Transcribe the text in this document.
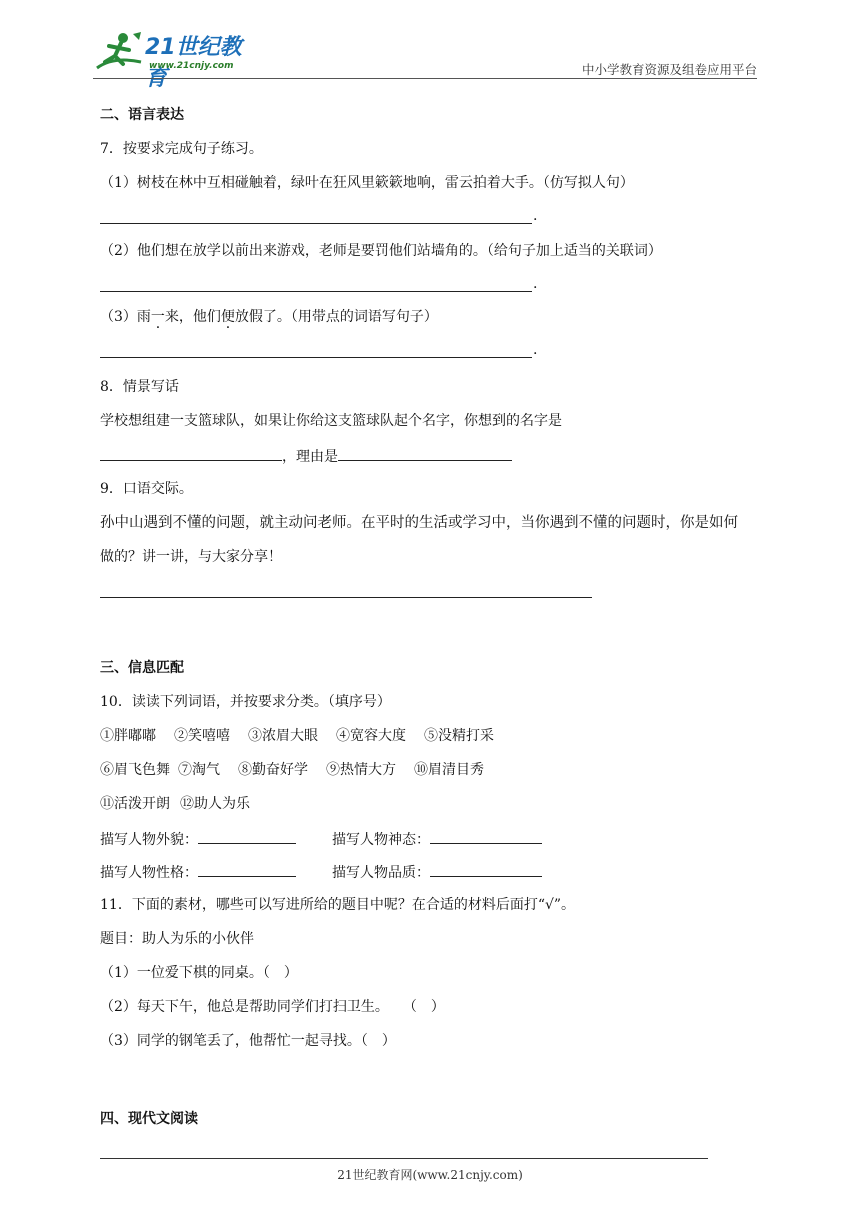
21世纪教育
www.21cnjy.com	中小学教育资源及组卷应用平台
二、语言表达
7．按要求完成句子练习。
（1）树枝在林中互相碰触着，绿叶在狂风里簌簌地响，雷云拍着大手。（仿写拟人句）
.
（2）他们想在放学以前出来游戏，老师是要罚他们站墙角的。（给句子加上适当的关联词）
.
（3）雨一来，他们便放假了。（用带点的词语写句子）
.
8．情景写话
学校想组建一支篮球队，如果让你给这支篮球队起个名字，你想到的名字是
，理由是
9．口语交际。
孙中山遇到不懂的问题，就主动问老师。在平时的生活或学习中，当你遇到不懂的问题时，你是如何
做的？讲一讲，与大家分享！
三、信息匹配
10．读读下列词语，并按要求分类。（填序号）
①胖嘟嘟 ②笑嘻嘻 ③浓眉大眼 ④宽容大度 ⑤没精打采
⑥眉飞色舞 ⑦淘气 ⑧勤奋好学 ⑨热情大方 ⑩眉清目秀
⑪活泼开朗 ⑫助人为乐
描写人物外貌：	描写人物神态：
描写人物性格：	描写人物品质：
11．下面的素材，哪些可以写进所给的题目中呢？在合适的材料后面打“√”。
题目：助人为乐的小伙伴
（1）一位爱下棋的同桌。（　）
（2）每天下午，他总是帮助同学们打扫卫生。　　（　）
（3）同学的钢笔丢了，他帮忙一起寻找。（　）
四、现代文阅读
21世纪教育网(www.21cnjy.com)
